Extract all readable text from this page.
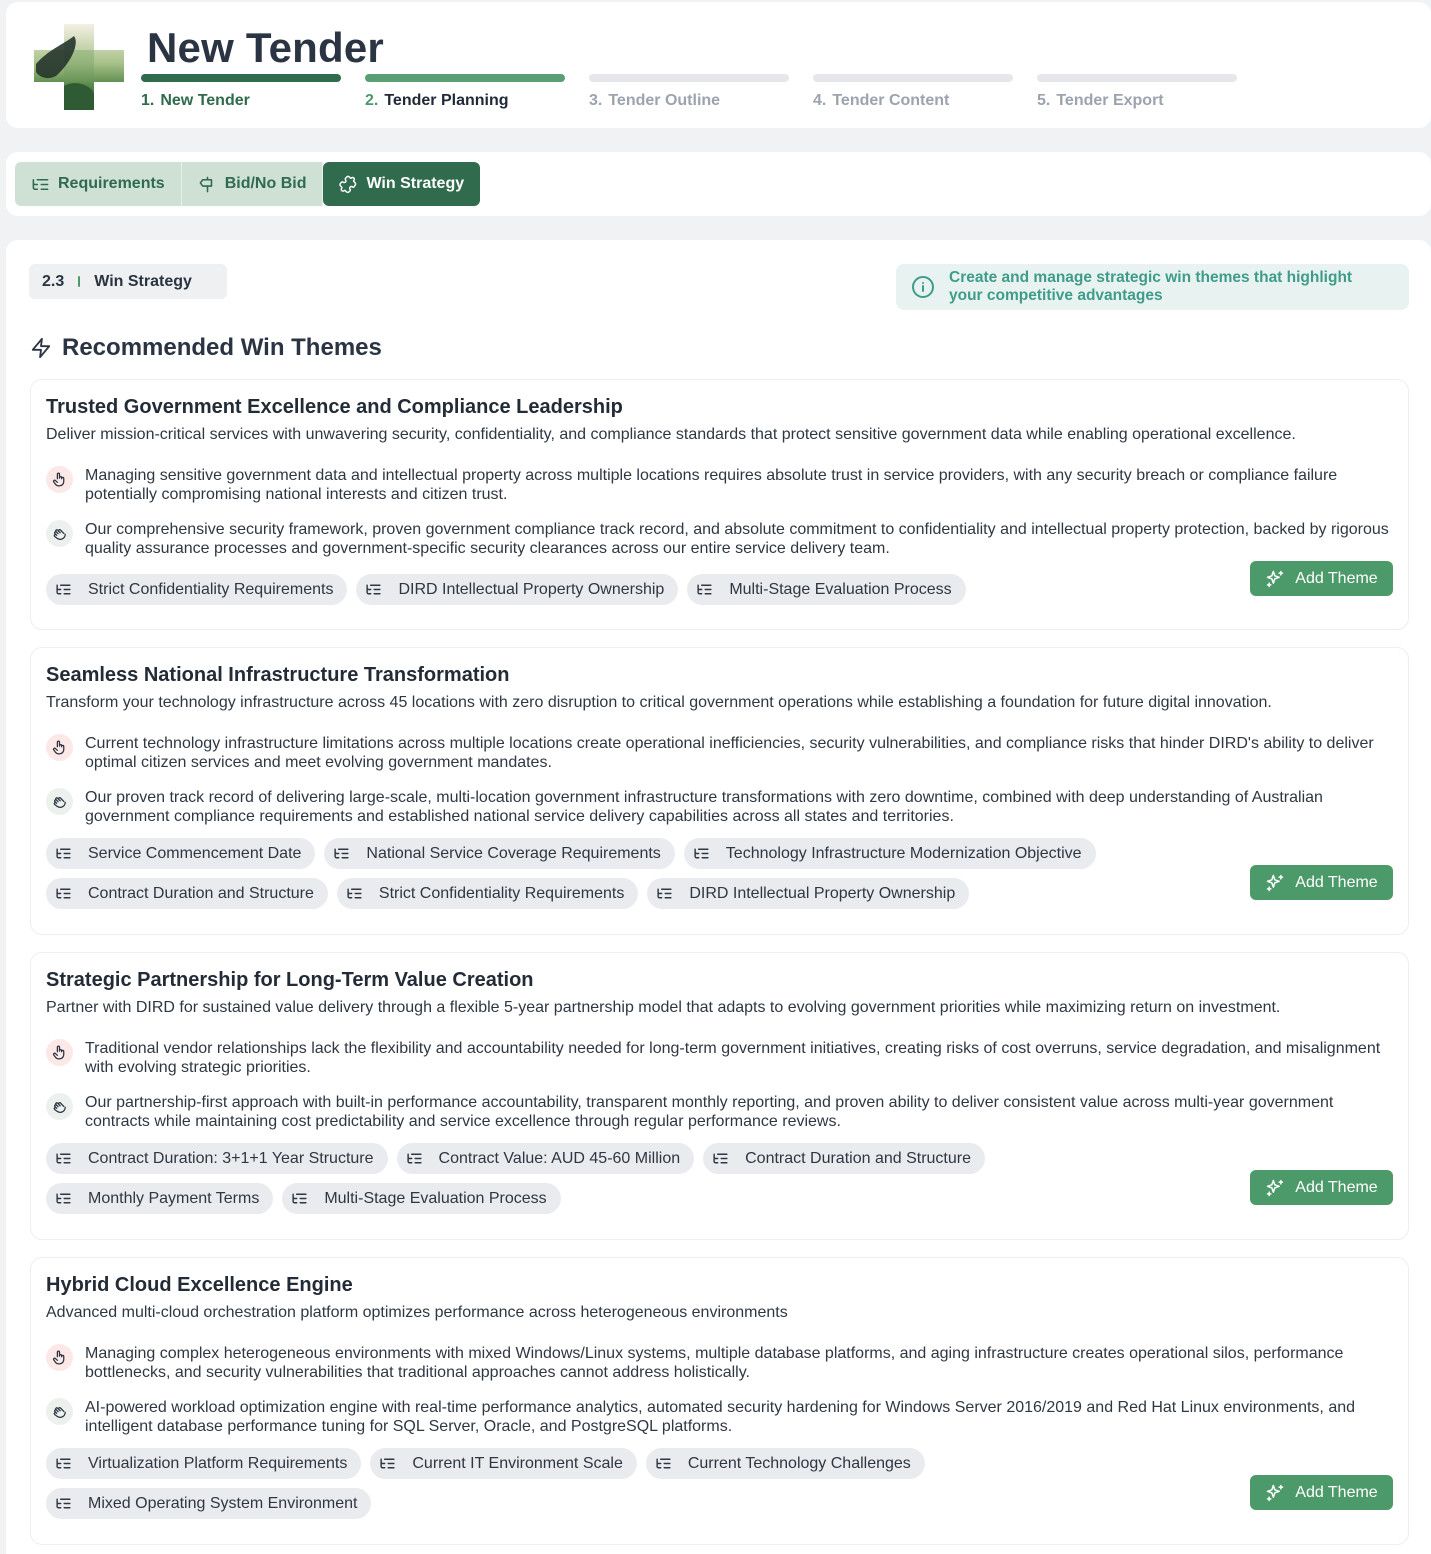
New Tender
1. New Tender	2. Tender Planning	3. Tender Outline	4. Tender Content	5. Tender Export
Requirements	Bid/No Bid	Win Strategy
2.3 Win Strategy	Create and manage strategic win themes that highlight your competitive advantages
Recommended Win Themes
Trusted Government Excellence and Compliance Leadership
Deliver mission-critical services with unwavering security, confidentiality, and compliance standards that protect sensitive government data while enabling operational excellence.
Managing sensitive government data and intellectual property across multiple locations requires absolute trust in service providers, with any security breach or compliance failure potentially compromising national interests and citizen trust.
Our comprehensive security framework, proven government compliance track record, and absolute commitment to confidentiality and intellectual property protection, backed by rigorous quality assurance processes and government-specific security clearances across our entire service delivery team.
Strict Confidentiality Requirements	DIRD Intellectual Property Ownership	Multi-Stage Evaluation Process
Add Theme
Seamless National Infrastructure Transformation
Transform your technology infrastructure across 45 locations with zero disruption to critical government operations while establishing a foundation for future digital innovation.
Current technology infrastructure limitations across multiple locations create operational inefficiencies, security vulnerabilities, and compliance risks that hinder DIRD's ability to deliver optimal citizen services and meet evolving government mandates.
Our proven track record of delivering large-scale, multi-location government infrastructure transformations with zero downtime, combined with deep understanding of Australian government compliance requirements and established national service delivery capabilities across all states and territories.
Service Commencement Date	National Service Coverage Requirements	Technology Infrastructure Modernization Objective
Contract Duration and Structure	Strict Confidentiality Requirements	DIRD Intellectual Property Ownership
Add Theme
Strategic Partnership for Long-Term Value Creation
Partner with DIRD for sustained value delivery through a flexible 5-year partnership model that adapts to evolving government priorities while maximizing return on investment.
Traditional vendor relationships lack the flexibility and accountability needed for long-term government initiatives, creating risks of cost overruns, service degradation, and misalignment with evolving strategic priorities.
Our partnership-first approach with built-in performance accountability, transparent monthly reporting, and proven ability to deliver consistent value across multi-year government contracts while maintaining cost predictability and service excellence through regular performance reviews.
Contract Duration: 3+1+1 Year Structure	Contract Value: AUD 45-60 Million	Contract Duration and Structure
Monthly Payment Terms	Multi-Stage Evaluation Process
Add Theme
Hybrid Cloud Excellence Engine
Advanced multi-cloud orchestration platform optimizes performance across heterogeneous environments
Managing complex heterogeneous environments with mixed Windows/Linux systems, multiple database platforms, and aging infrastructure creates operational silos, performance bottlenecks, and security vulnerabilities that traditional approaches cannot address holistically.
AI-powered workload optimization engine with real-time performance analytics, automated security hardening for Windows Server 2016/2019 and Red Hat Linux environments, and intelligent database performance tuning for SQL Server, Oracle, and PostgreSQL platforms.
Virtualization Platform Requirements	Current IT Environment Scale	Current Technology Challenges
Mixed Operating System Environment
Add Theme
